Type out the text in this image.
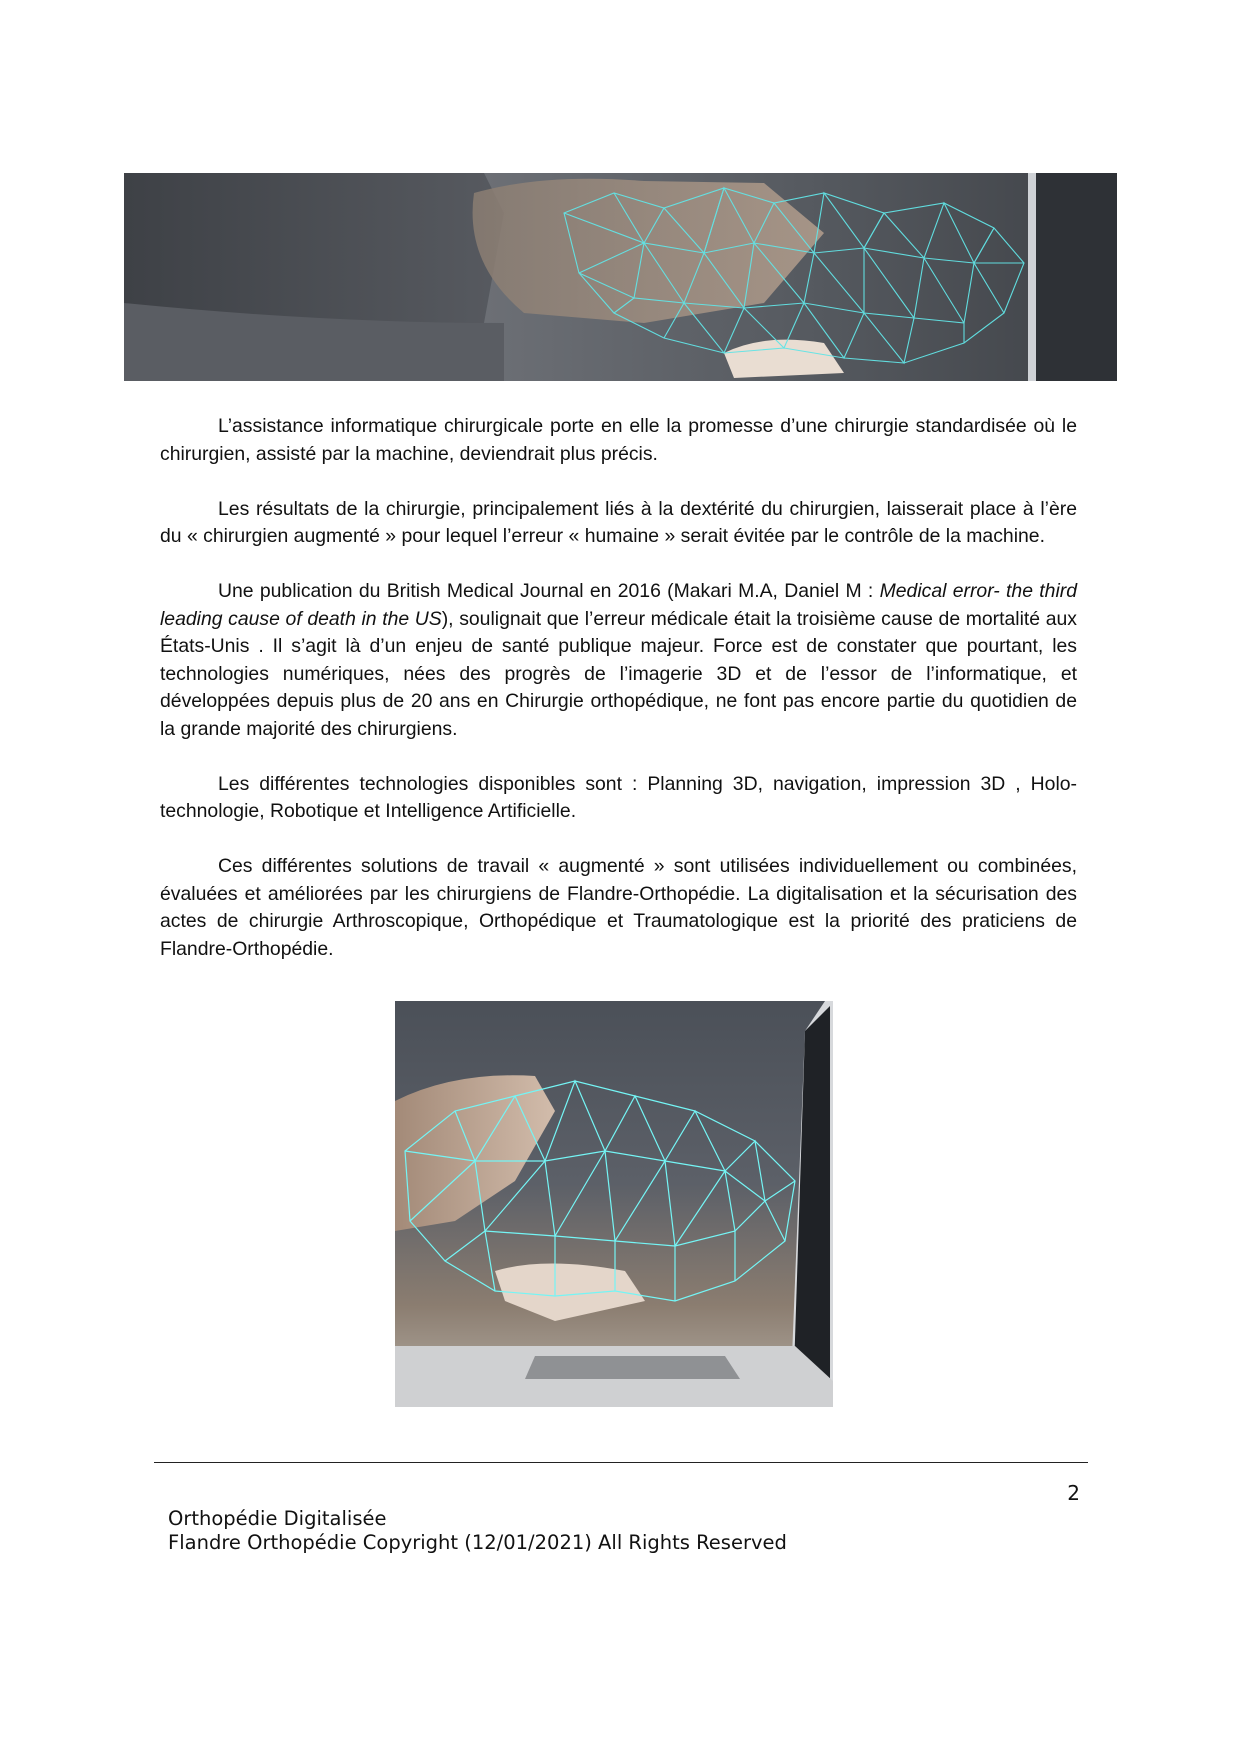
L’assistance informatique chirurgicale porte en elle la promesse d’une chirurgie standardisée où le chirurgien, assisté par la machine, deviendrait plus précis.

Les résultats de la chirurgie, principalement liés à la dextérité du chirurgien, laisserait place à l’ère du « chirurgien augmenté » pour lequel l’erreur « humaine » serait évitée par le contrôle de la machine.

Une publication du British Medical Journal en 2016 (Makari M.A, Daniel M : Medical error- the third leading cause of death in the US), soulignait que l’erreur médicale était la troisième cause de mortalité aux États-Unis . Il s’agit là d’un enjeu de santé publique majeur. Force est de constater que pourtant, les technologies numériques, nées des progrès de l’imagerie 3D et de l’essor de l’informatique, et développées depuis plus de 20 ans en Chirurgie orthopédique, ne font pas encore partie du quotidien de la grande majorité des chirurgiens.

Les différentes technologies disponibles sont : Planning 3D, navigation, impression 3D , Holo-technologie, Robotique et Intelligence Artificielle.

Ces différentes solutions de travail « augmenté » sont utilisées individuellement ou combinées, évaluées et améliorées par les chirurgiens de Flandre-Orthopédie. La digitalisation et la sécurisation des actes de chirurgie Arthroscopique, Orthopédique et Traumatologique est la priorité des praticiens de Flandre-Orthopédie.

2
Orthopédie Digitalisée
Flandre Orthopédie Copyright (12/01/2021) All Rights Reserved
